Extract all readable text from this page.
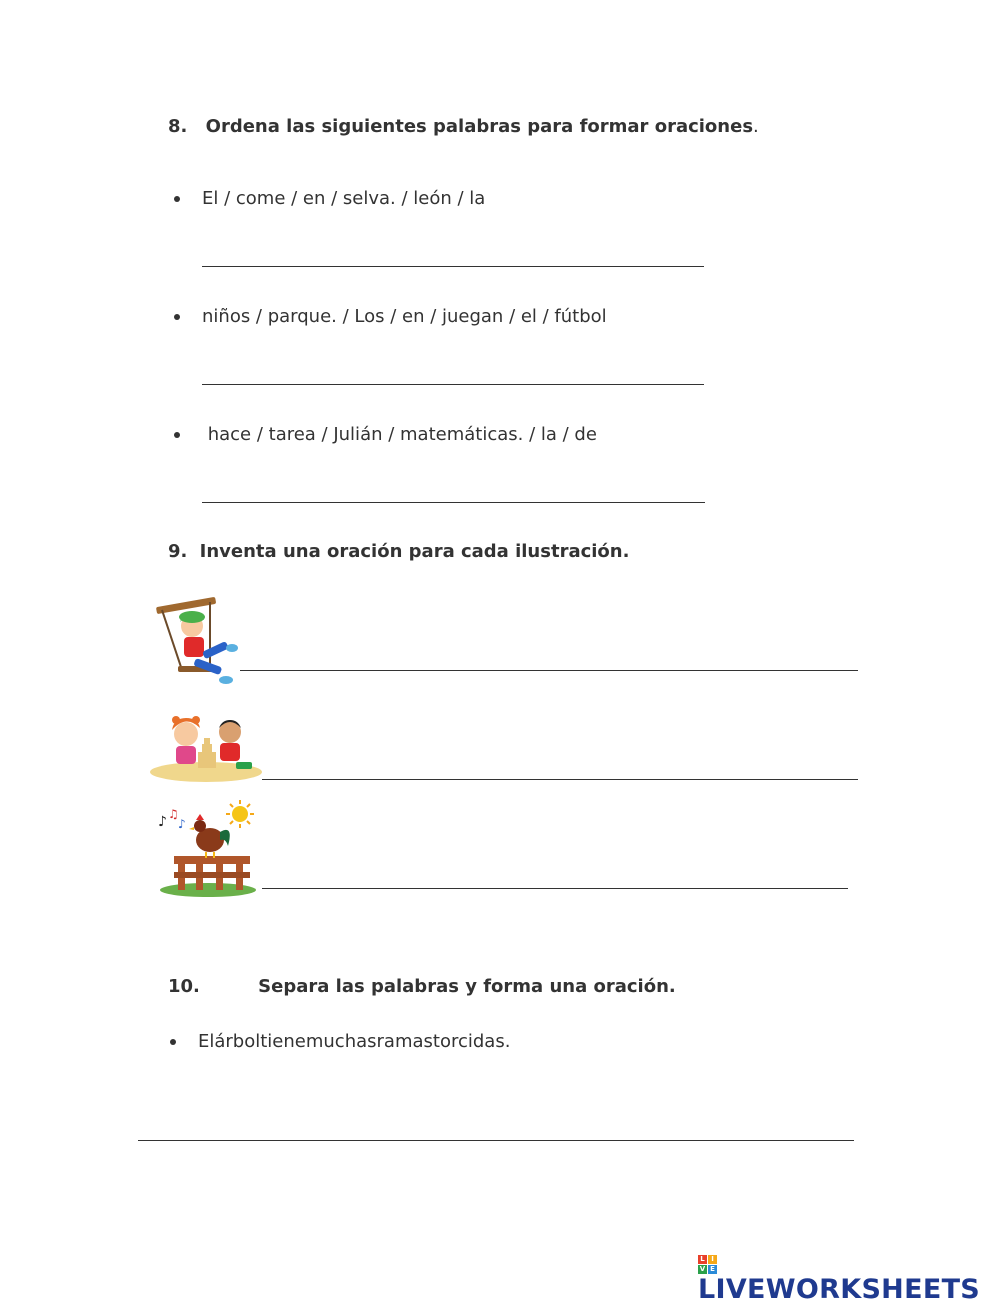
8. Ordena las siguientes palabras para formar oraciones.
El / come / en / selva. / león / la
niños / parque. / Los / en / juegan / el / fútbol
hace / tarea / Julián / matemáticas. / la / de
9. Inventa una oración para cada ilustración.
♪ ♫
♪
10.	Separa las palabras y forma una oración.
Elárboltienemuchasramastorcidas.
L I
V E
LIVEWORKSHEETS
